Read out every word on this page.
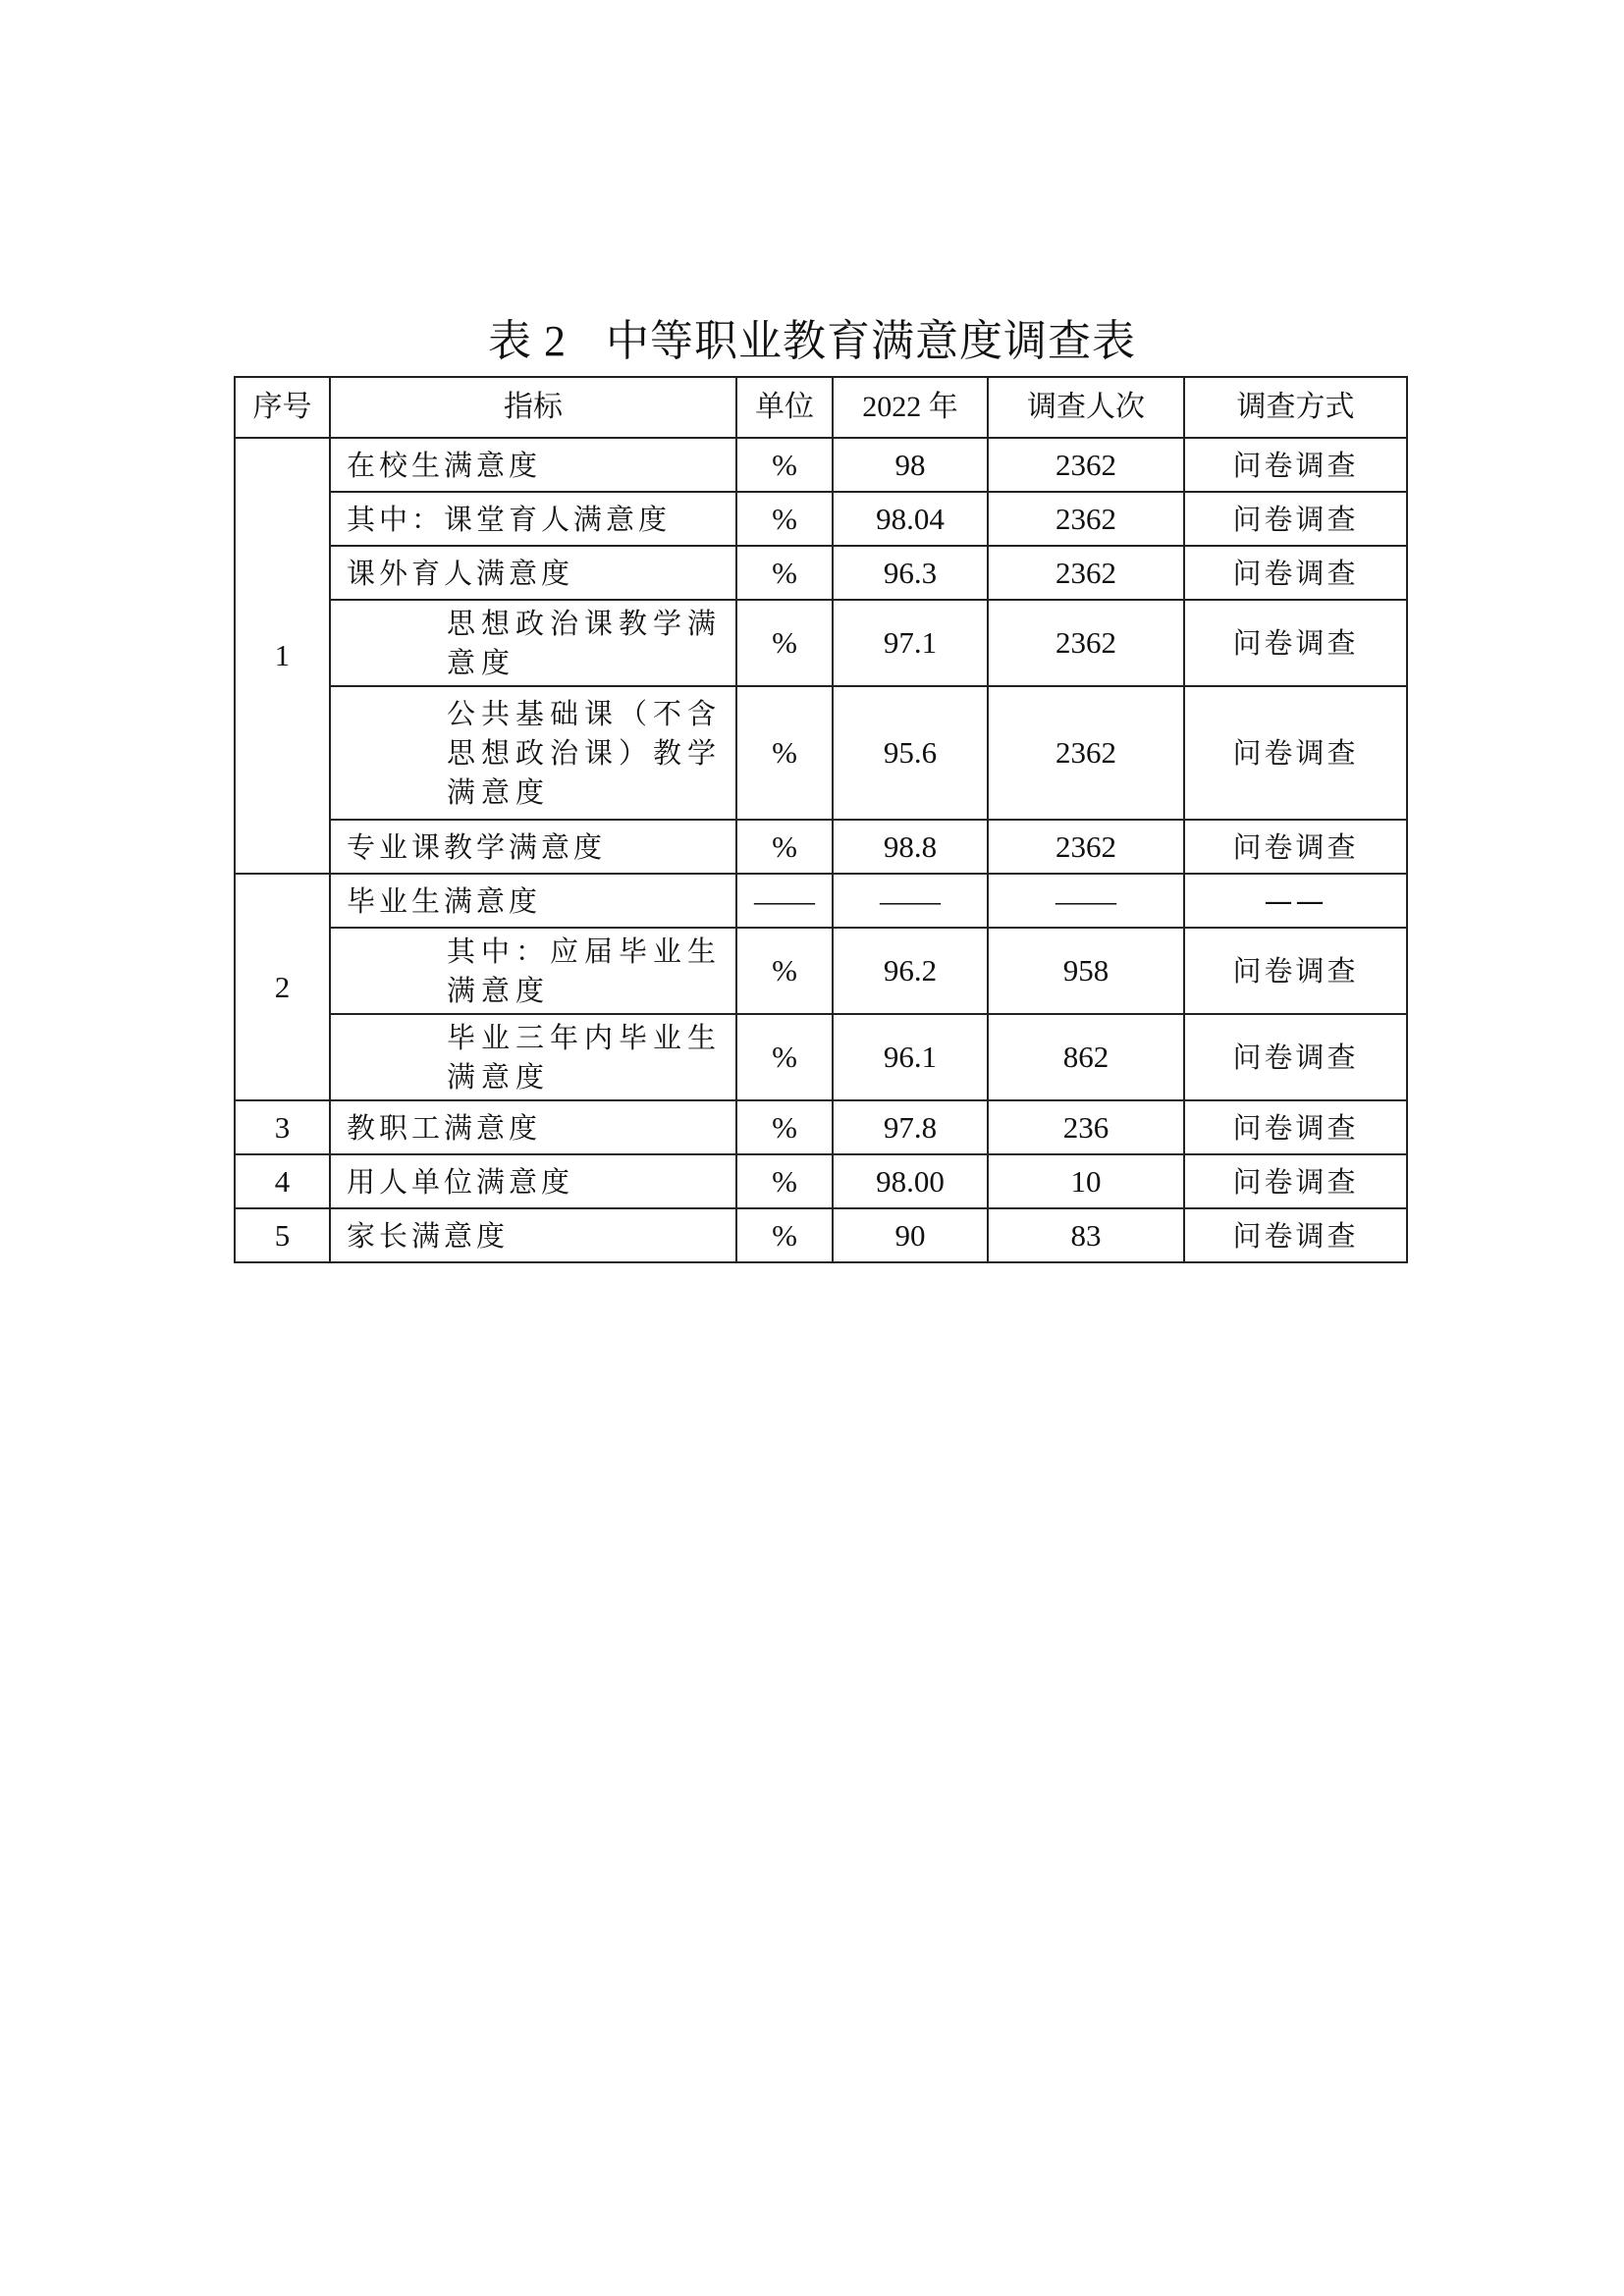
表 2 中等职业教育满意度调查表
序号	指标	单位	2022 年	调查人次	调查方式
1	在校生满意度	%	98	2362	问卷调查
	其中：课堂育人满意度	%	98.04	2362	问卷调查
	课外育人满意度	%	96.3	2362	问卷调查
	思想政治课教学满意度	%	97.1	2362	问卷调查
	公共基础课（不含思想政治课）教学满意度	%	95.6	2362	问卷调查
	专业课教学满意度	%	98.8	2362	问卷调查
2	毕业生满意度	——	——	——	——
	其中：应届毕业生满意度	%	96.2	958	问卷调查
	毕业三年内毕业生满意度	%	96.1	862	问卷调查
3	教职工满意度	%	97.8	236	问卷调查
4	用人单位满意度	%	98.00	10	问卷调查
5	家长满意度	%	90	83	问卷调查
